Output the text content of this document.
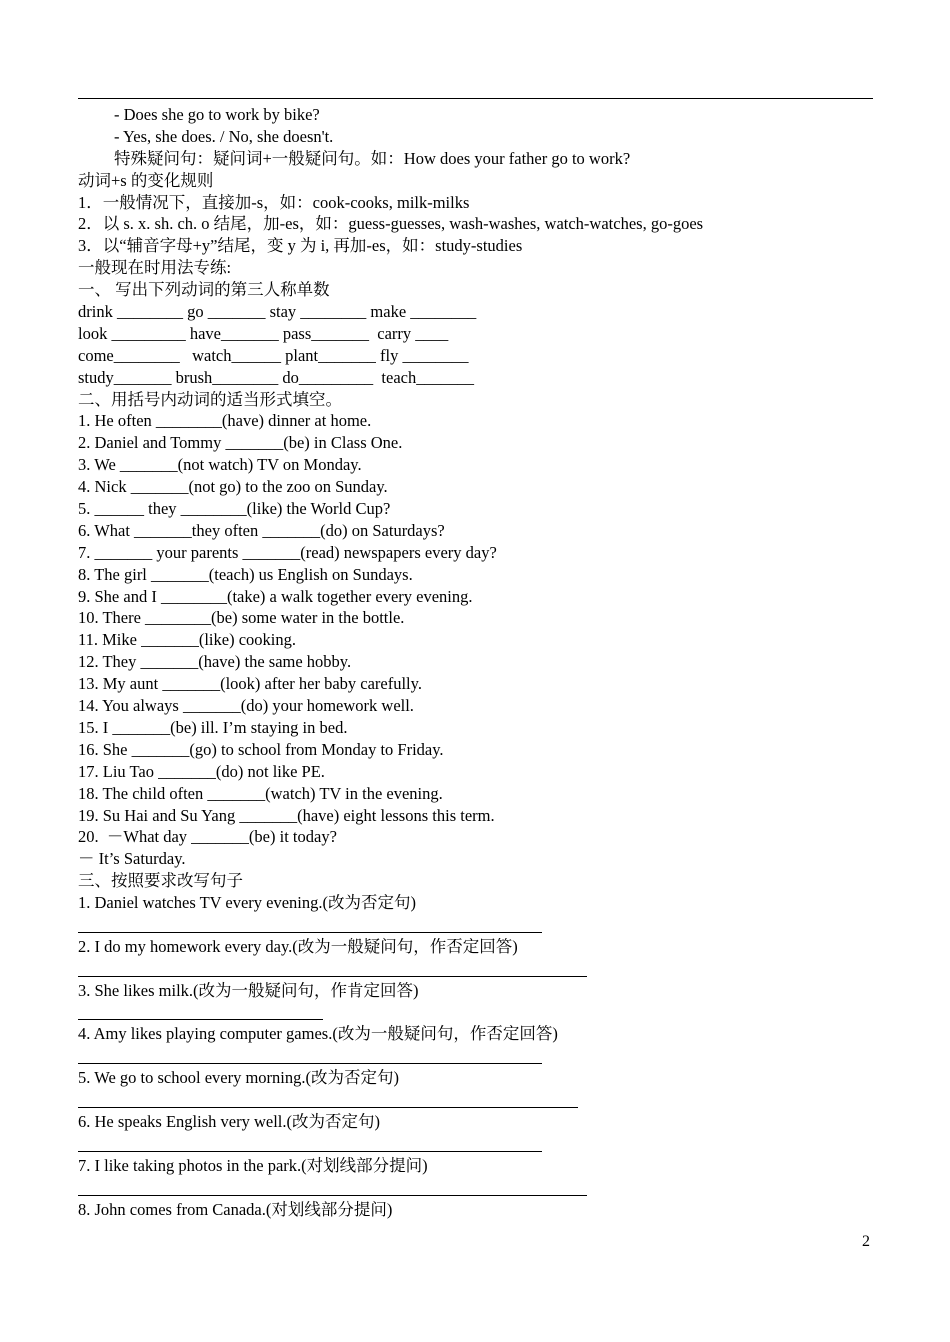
- Does she go to work by bike?
- Yes, she does. / No, she doesn't.
特殊疑问句：疑问词+一般疑问句。如：How does your father go to work?
动词+s 的变化规则
1．一般情况下，直接加-s，如：cook-cooks, milk-milks
2．以 s. x. sh. ch. o 结尾，加-es，如：guess-guesses, wash-washes, watch-watches, go-goes
3．以“辅音字母+y”结尾，变 y 为 i, 再加-es，如：study-studies
一般现在时用法专练:
一、 写出下列动词的第三人称单数
drink ________ go _______ stay ________ make ________
look _________ have_______ pass_______  carry ____
come________   watch______ plant_______ fly ________
study_______ brush________ do_________  teach_______
二、用括号内动词的适当形式填空。
1. He often ________(have) dinner at home.
2. Daniel and Tommy _______(be) in Class One.
3. We _______(not watch) TV on Monday.
4. Nick _______(not go) to the zoo on Sunday.
5. ______ they ________(like) the World Cup?
6. What _______they often _______(do) on Saturdays?
7. _______ your parents _______(read) newspapers every day?
8. The girl _______(teach) us English on Sundays.
9. She and I ________(take) a walk together every evening.
10. There ________(be) some water in the bottle.
11. Mike _______(like) cooking.
12. They _______(have) the same hobby.
13. My aunt _______(look) after her baby carefully.
14. You always _______(do) your homework well.
15. I _______(be) ill. I’m staying in bed.
16. She _______(go) to school from Monday to Friday.
17. Liu Tao _______(do) not like PE.
18. The child often _______(watch) TV in the evening.
19. Su Hai and Su Yang _______(have) eight lessons this term.
20.  －What day _______(be) it today?
－ It’s Saturday.
三、按照要求改写句子
1. Daniel watches TV every evening.(改为否定句)
2. I do my homework every day.(改为一般疑问句，作否定回答)
3. She likes milk.(改为一般疑问句，作肯定回答)
4. Amy likes playing computer games.(改为一般疑问句，作否定回答)
5. We go to school every morning.(改为否定句)
6. He speaks English very well.(改为否定句)
7. I like taking photos in the park.(对划线部分提问)
8. John comes from Canada.(对划线部分提问)
2
